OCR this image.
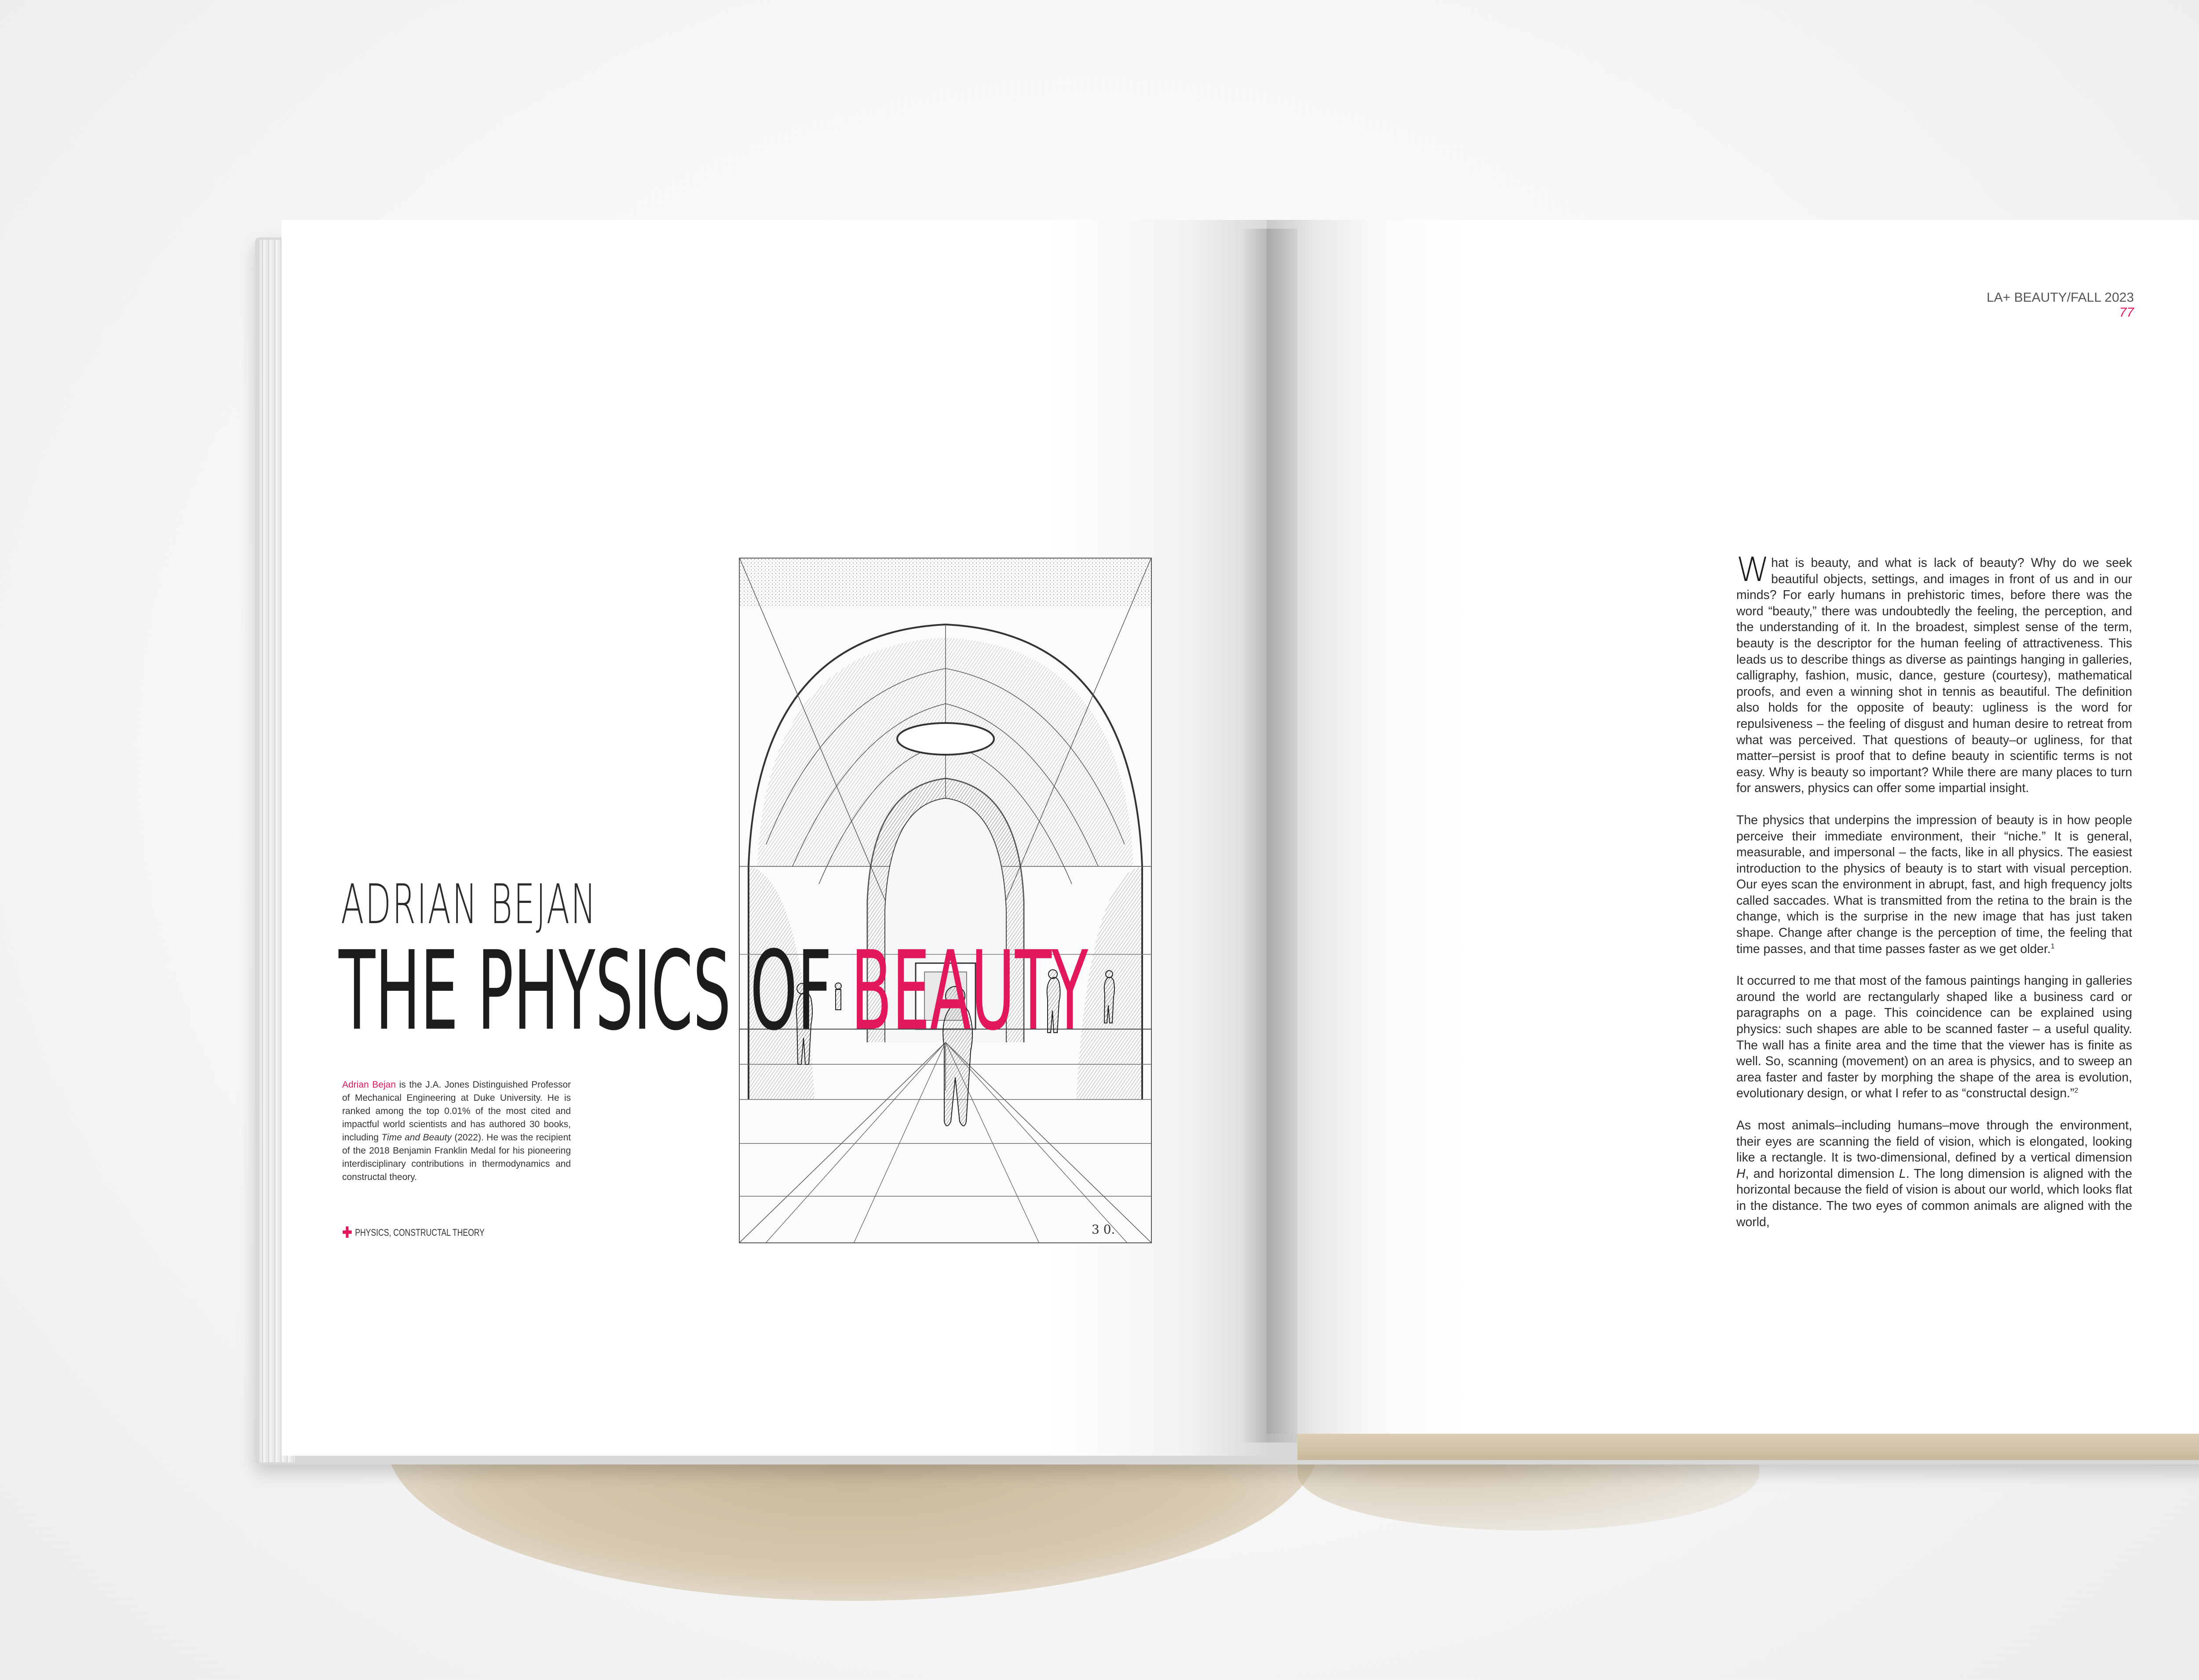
3 0.
ADRIAN BEJAN
THE PHYSICS OF BEAUTY
Adrian Bejan is the J.A. Jones Distinguished Professor of Mechanical Engineering at Duke University. He is ranked among the top 0.01% of the most cited and impactful world scientists and has authored 30 books, including Time and Beauty (2022). He was the recipient of the 2018 Benjamin Franklin Medal for his pioneering interdisciplinary contributions in thermodynamics and constructal theory.
✚ PHYSICS, CONSTRUCTAL THEORY
LA+ BEAUTY/FALL 2023
77

What is beauty, and what is lack of beauty? Why do we seek beautiful objects, settings, and images in front of us and in our minds? For early humans in prehistoric times, before there was the word “beauty,” there was undoubtedly the feeling, the perception, and the understanding of it. In the broadest, simplest sense of the term, beauty is the descriptor for the human feeling of attractiveness. This leads us to describe things as diverse as paintings hanging in galleries, calligraphy, fashion, music, dance, gesture (courtesy), mathematical proofs, and even a winning shot in tennis as beautiful. The definition also holds for the opposite of beauty: ugliness is the word for repulsiveness – the feeling of disgust and human desire to retreat from what was perceived. That questions of beauty–or ugliness, for that matter–persist is proof that to define beauty in scientific terms is not easy. Why is beauty so important? While there are many places to turn for answers, physics can offer some impartial insight.

The physics that underpins the impression of beauty is in how people perceive their immediate environment, their “niche.” It is general, measurable, and impersonal – the facts, like in all physics. The easiest introduction to the physics of beauty is to start with visual perception. Our eyes scan the environment in abrupt, fast, and high frequency jolts called saccades. What is transmitted from the retina to the brain is the change, which is the surprise in the new image that has just taken shape. Change after change is the perception of time, the feeling that time passes, and that time passes faster as we get older.$^1$

It occurred to me that most of the famous paintings hanging in galleries around the world are rectangularly shaped like a business card or paragraphs on a page. This coincidence can be explained using physics: such shapes are able to be scanned faster – a useful quality. The wall has a finite area and the time that the viewer has is finite as well. So, scanning (movement) on an area is physics, and to sweep an area faster and faster by morphing the shape of the area is evolution, evolutionary design, or what I refer to as “constructal design.”$^2$

As most animals–including humans–move through the environment, their eyes are scanning the field of vision, which is elongated, looking like a rectangle. It is two-dimensional, defined by a vertical dimension H, and horizontal dimension L. The long dimension is aligned with the horizontal because the field of vision is about our world, which looks flat in the distance. The two eyes of common animals are aligned with the world,
